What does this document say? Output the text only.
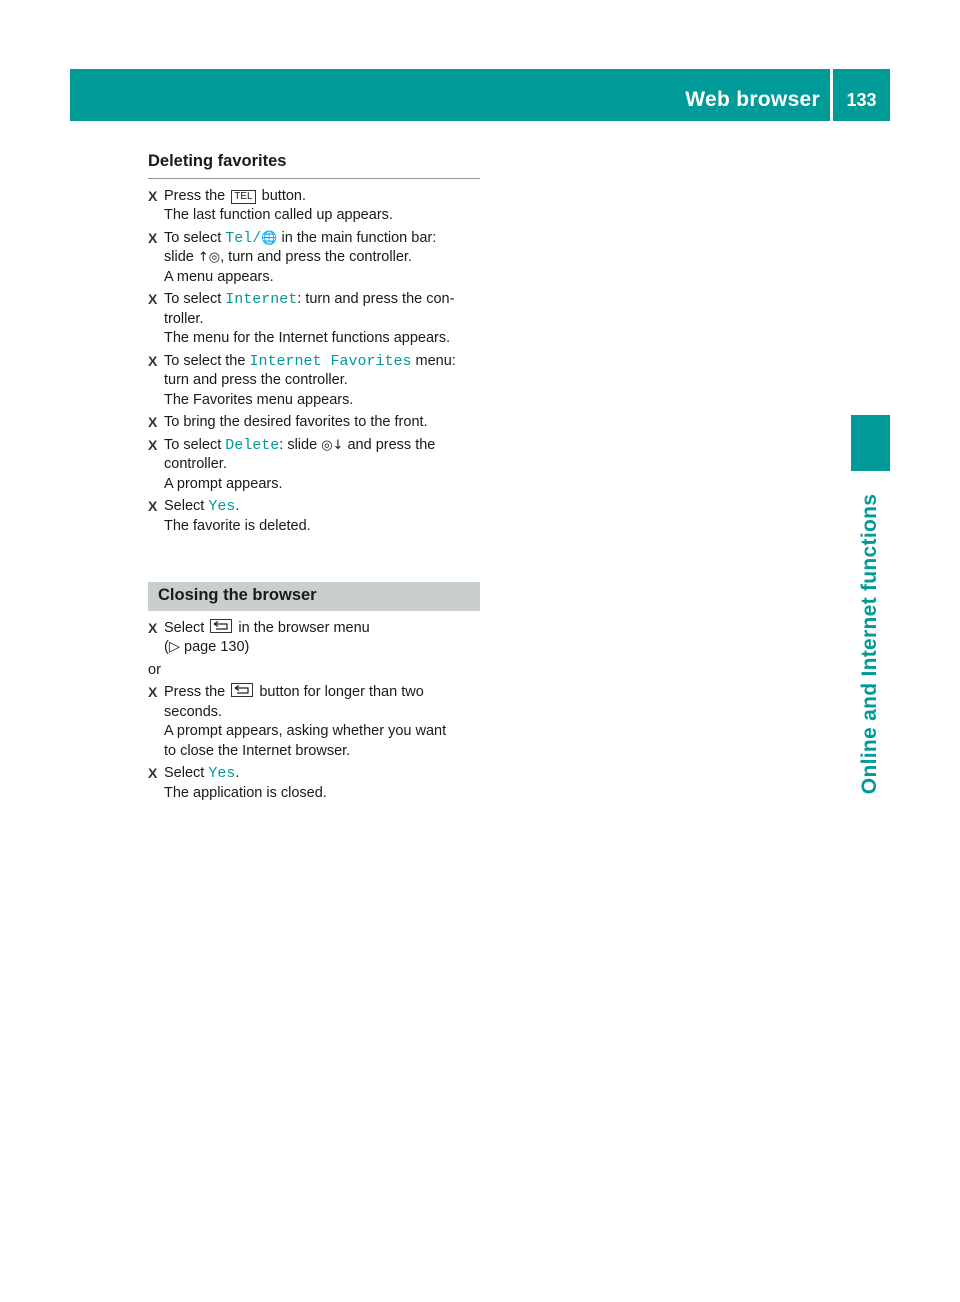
Web browser	133
Online and Internet functions
Deleting favorites
X Press the TEL button.
The last function called up appears.
X To select Tel/🌐 in the main function bar:
slide ↑◎, turn and press the controller.
A menu appears.
X To select Internet: turn and press the con-
troller.
The menu for the Internet functions appears.
X To select the Internet Favorites menu:
turn and press the controller.
The Favorites menu appears.
X To bring the desired favorites to the front.
X To select Delete: slide ◎↓ and press the
controller.
A prompt appears.
X Select Yes.
The favorite is deleted.
Closing the browser
X Select in the browser menu
(▷ page 130)
or
X Press the button for longer than two
seconds.
A prompt appears, asking whether you want
to close the Internet browser.
X Select Yes.
The application is closed.
